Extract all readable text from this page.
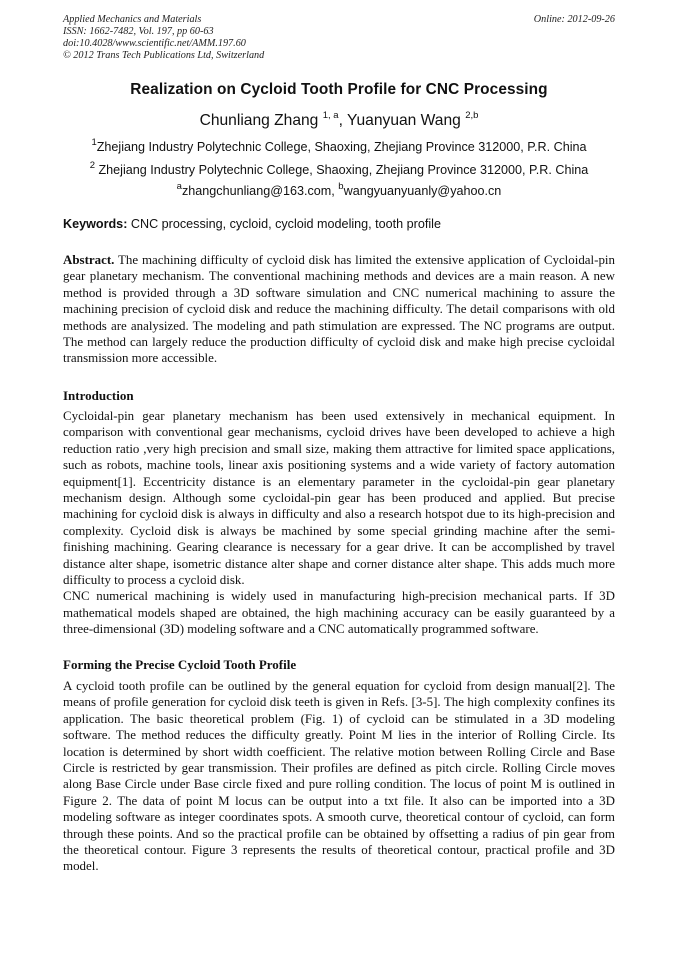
Applied Mechanics and Materials
ISSN: 1662-7482, Vol. 197, pp 60-63
doi:10.4028/www.scientific.net/AMM.197.60
© 2012 Trans Tech Publications Ltd, Switzerland
Online: 2012-09-26
Realization on Cycloid Tooth Profile for CNC Processing
Chunliang Zhang $^{1, a}$, Yuanyuan Wang $^{2,b}$
$^1$Zhejiang Industry Polytechnic College, Shaoxing, Zhejiang Province 312000, P.R. China
$^2$ Zhejiang Industry Polytechnic College, Shaoxing, Zhejiang Province 312000, P.R. China
$^a$zhangchunliang@163.com, $^b$wangyuanyuanly@yahoo.cn
Keywords: CNC processing, cycloid, cycloid modeling, tooth profile

Abstract. The machining difficulty of cycloid disk has limited the extensive application of Cycloidal-pin gear planetary mechanism. The conventional machining methods and devices are a main reason. A new method is provided through a 3D software simulation and CNC numerical machining to assure the machining precision of cycloid disk and reduce the machining difficulty. The detail comparisons with old methods are analysized. The modeling and path stimulation are expressed. The NC programs are output. The method can largely reduce the production difficulty of cycloid disk and make high precise cycloidal transmission more accessible.

Introduction

Cycloidal-pin gear planetary mechanism has been used extensively in mechanical equipment. In comparison with conventional gear mechanisms, cycloid drives have been developed to achieve a high reduction ratio ,very high precision and small size, making them attractive for limited space applications, such as robots, machine tools, linear axis positioning systems and a wide variety of factory automation equipment[1]. Eccentricity distance is an elementary parameter in the cycloidal-pin gear planetary mechanism design. Although some cycloidal-pin gear has been produced and applied. But precise machining for cycloid disk is always in difficulty and also a research hotspot due to its high-precision and complexity. Cycloid disk is always be machined by some special grinding machine after the semi-finishing machining. Gearing clearance is necessary for a gear drive. It can be accomplished by travel distance alter shape, isometric distance alter shape and corner distance alter shape. This adds much more difficulty to process a cycloid disk.

CNC numerical machining is widely used in manufacturing high-precision mechanical parts. If 3D mathematical models shaped are obtained, the high machining accuracy can be easily guaranteed by a three-dimensional (3D) modeling software and a CNC automatically programmed software.

Forming the Precise Cycloid Tooth Profile

A cycloid tooth profile can be outlined by the general equation for cycloid from design manual[2]. The means of profile generation for cycloid disk teeth is given in Refs. [3-5]. The high complexity confines its application. The basic theoretical problem (Fig. 1) of cycloid can be stimulated in a 3D modeling software. The method reduces the difficulty greatly. Point M lies in the interior of Rolling Circle. Its location is determined by short width coefficient. The relative motion between Rolling Circle and Base Circle is restricted by gear transmission. Their profiles are defined as pitch circle. Rolling Circle moves along Base Circle under Base circle fixed and pure rolling condition. The locus of point M is outlined in Figure 2. The data of point M locus can be output into a txt file. It also can be imported into a 3D modeling software as integer coordinates spots. A smooth curve, theoretical contour of cycloid, can form through these points. And so the practical profile can be obtained by offsetting a radius of pin gear from the theoretical contour. Figure 3 represents the results of theoretical contour, practical profile and 3D model.
